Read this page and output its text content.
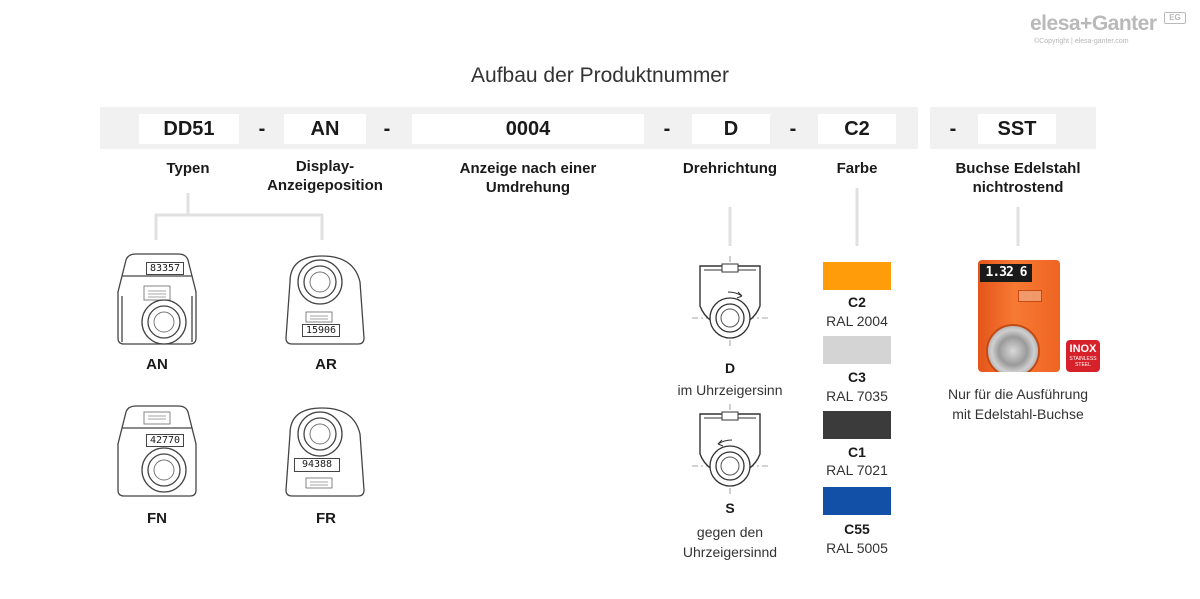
elesa+Ganter	EG
©Copyright | elesa-ganter.com
Aufbau der Produktnummer
DD51	-	AN	-	0004	-	D	-	C2	-	SST
Typen	Display-
Anzeigeposition
Anzeige nach einer
Umdrehung
Drehrichtung	Farbe	Buchse Edelstahl
nichtrostend
83357
AN
15906
AR
42770
FN
94388
FR
D
im Uhrzeigersinn
S
gegen den
Uhrzeigersinnd
C2
RAL 2004
C3
RAL 7035
C1
RAL 7021
C55
RAL 5005
1.32 6
INOX
STAINLESS
STEEL
Nur für die Ausführung
mit Edelstahl-Buchse
